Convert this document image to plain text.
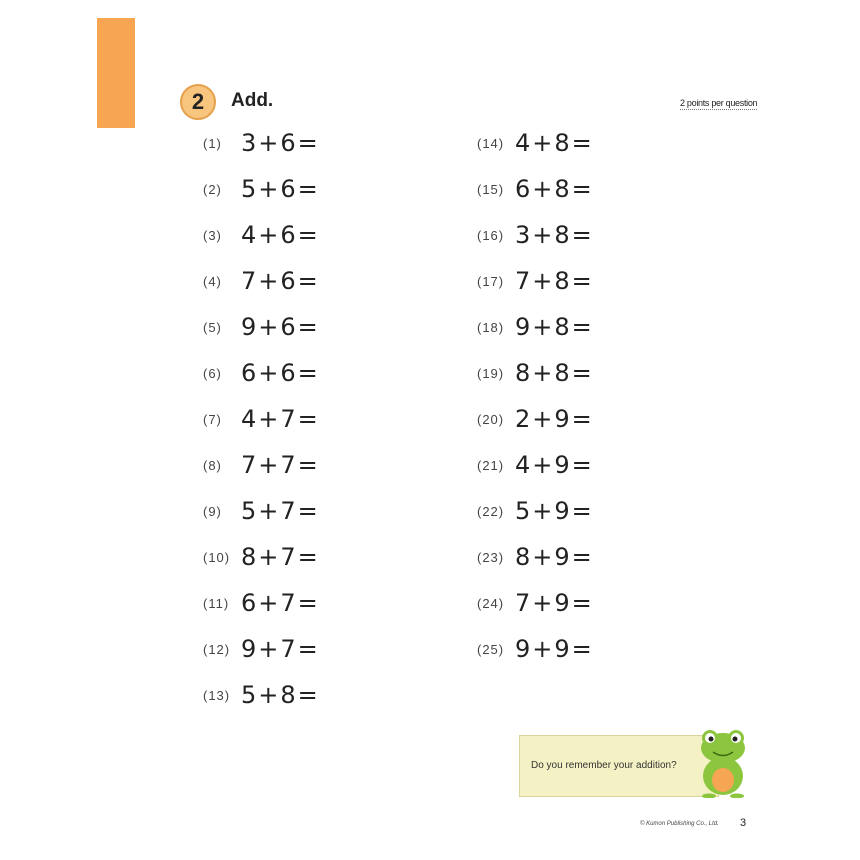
2	Add.	2 points per question
(1) 3+6=
(2) 5+6=
(3) 4+6=
(4) 7+6=
(5) 9+6=
(6) 6+6=
(7) 4+7=
(8) 7+7=
(9) 5+7=
(10) 8+7=
(11) 6+7=
(12) 9+7=
(13) 5+8=
(14) 4+8=
(15) 6+8=
(16) 3+8=
(17) 7+8=
(18) 9+8=
(19) 8+8=
(20) 2+9=
(21) 4+9=
(22) 5+9=
(23) 8+9=
(24) 7+9=
(25) 9+9=
Do you remember your addition?
© Kumon Publishing Co., Ltd. 3
